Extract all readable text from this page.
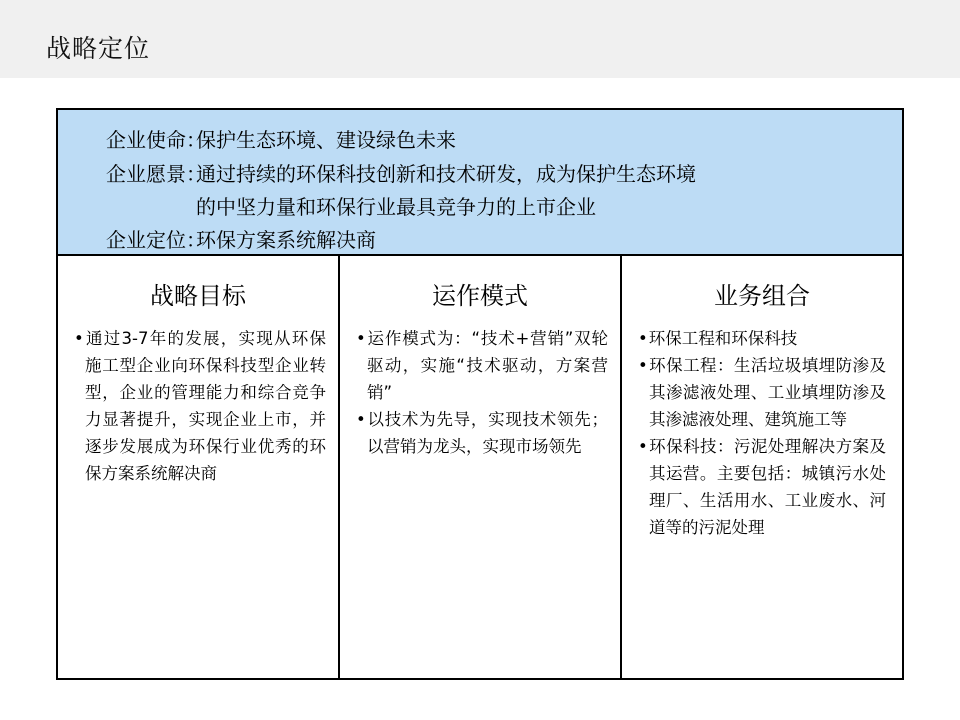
战略定位
企业使命：保护生态环境、建设绿色未来
企业愿景：通过持续的环保科技创新和技术研发，成为保护生态环境
的中坚力量和环保行业最具竞争力的上市企业
企业定位：环保方案系统解决商
战略目标
• 通过3-7年的发展，实现从环保施工型企业向环保科技型企业转型，企业的管理能力和综合竞争力显著提升，实现企业上市，并逐步发展成为环保行业优秀的环保方案系统解决商
运作模式
• 运作模式为：“技术+营销”双轮驱动，实施“技术驱动，方案营销”
• 以技术为先导，实现技术领先；以营销为龙头，实现市场领先
业务组合
• 环保工程和环保科技
• 环保工程：生活垃圾填埋防渗及其渗滤液处理、工业填埋防渗及其渗滤液处理、建筑施工等
• 环保科技：污泥处理解决方案及其运营。主要包括：城镇污水处理厂、生活用水、工业废水、河道等的污泥处理
